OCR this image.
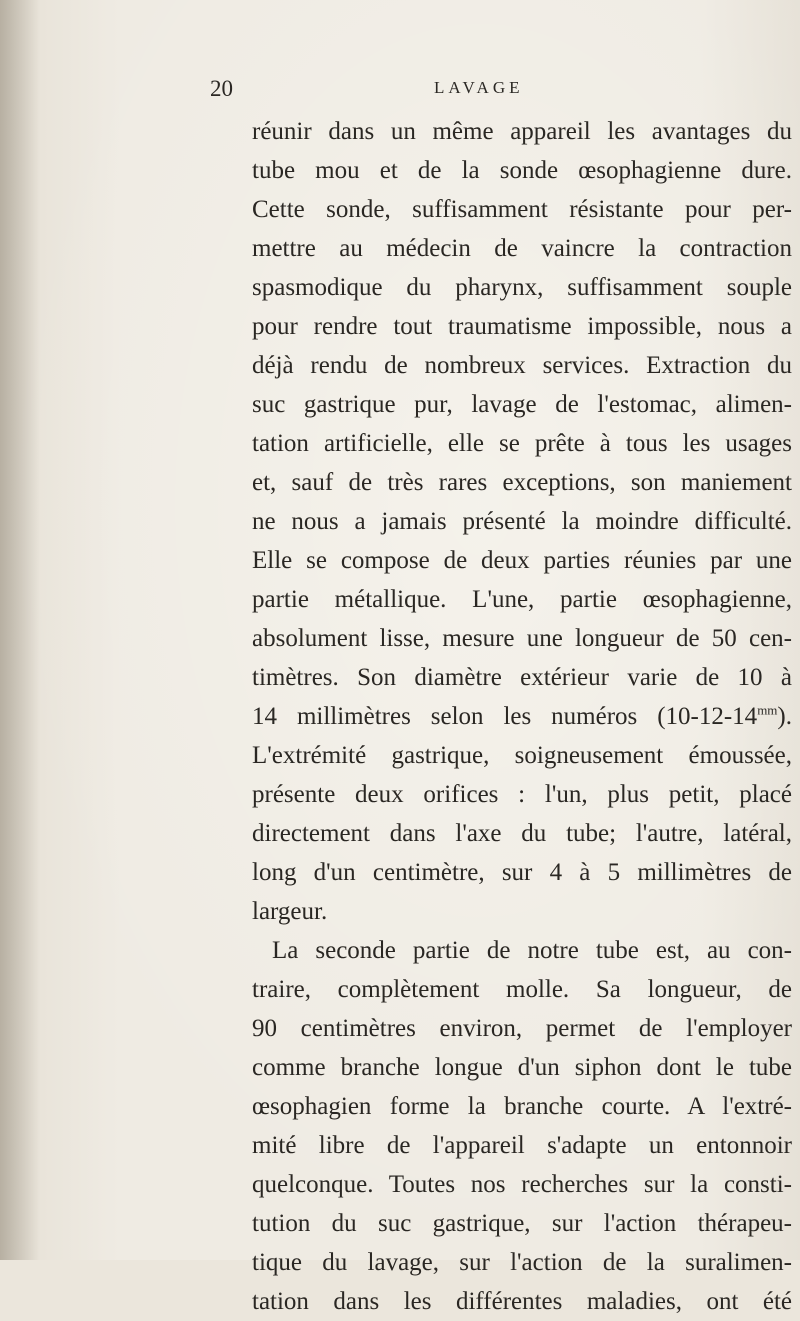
20	LAVAGE
réunir dans un même appareil les avantages du
tube mou et de la sonde œsophagienne dure.
Cette sonde, suffisamment résistante pour per-
mettre au médecin de vaincre la contraction
spasmodique du pharynx, suffisamment souple
pour rendre tout traumatisme impossible, nous a
déjà rendu de nombreux services. Extraction du
suc gastrique pur, lavage de l'estomac, alimen-
tation artificielle, elle se prête à tous les usages
et, sauf de très rares exceptions, son maniement
ne nous a jamais présenté la moindre difficulté.
Elle se compose de deux parties réunies par une
partie métallique. L'une, partie œsophagienne,
absolument lisse, mesure une longueur de 50 cen-
timètres. Son diamètre extérieur varie de 10 à
14 millimètres selon les numéros $(10-12-14^{mm})$.
L'extrémité gastrique, soigneusement émoussée,
présente deux orifices : l'un, plus petit, placé
directement dans l'axe du tube; l'autre, latéral,
long d'un centimètre, sur 4 à 5 millimètres de
largeur.
La seconde partie de notre tube est, au con-
traire, complètement molle. Sa longueur, de
90 centimètres environ, permet de l'employer
comme branche longue d'un siphon dont le tube
œsophagien forme la branche courte. A l'extré-
mité libre de l'appareil s'adapte un entonnoir
quelconque. Toutes nos recherches sur la consti-
tution du suc gastrique, sur l'action thérapeu-
tique du lavage, sur l'action de la suralimen-
tation dans les différentes maladies, ont été
